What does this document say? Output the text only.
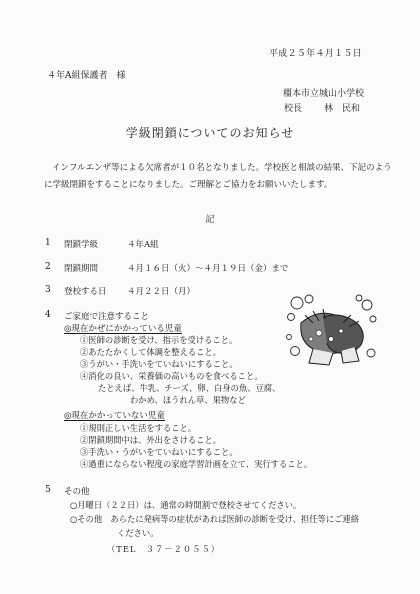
平成２５年４月１５日
４年A組保護者　様
橿本市立城山小学校
校長 林　民和
学級閉鎖についてのお知らせ
インフルエンザ等による欠席者が１０名となりました。学校医と相談の結果、下記のように学級閉鎖をすることになりました。ご理解とご協力をお願いいたします。
記
1 閉鎖学級	４年A組
2 閉鎖期間	４月１６日（火）～４月１９日（金）まで
3 登校する日 ４月２２日（月）
4 ご家庭で注意すること
◎現在かぜにかかっている児童
①医師の診断を受け、指示を受けること。
②あたたかくして体調を整えること。
③うがい・手洗いをていねいにすること。
④消化の良い、栄養価の高いものを食べること。
たとえば、牛乳、チーズ、卵、白身の魚、豆腐、
わかめ、ほうれん草、果物など
◎現在かかっていない児童
①規則正しい生活をすること。
②閉鎖期間中は、外出をさけること。
③手洗い・うがいをていねいにすること。
④過重にならない程度の家庭学習計画を立て、実行すること。
5 その他
○月曜日（２２日）は、通常の時間割で登校させてください。
○その他　あらたに発病等の症状があれば医師の診断を受け、担任等にご連絡
ください。
（TEL　３７－２０５５）
